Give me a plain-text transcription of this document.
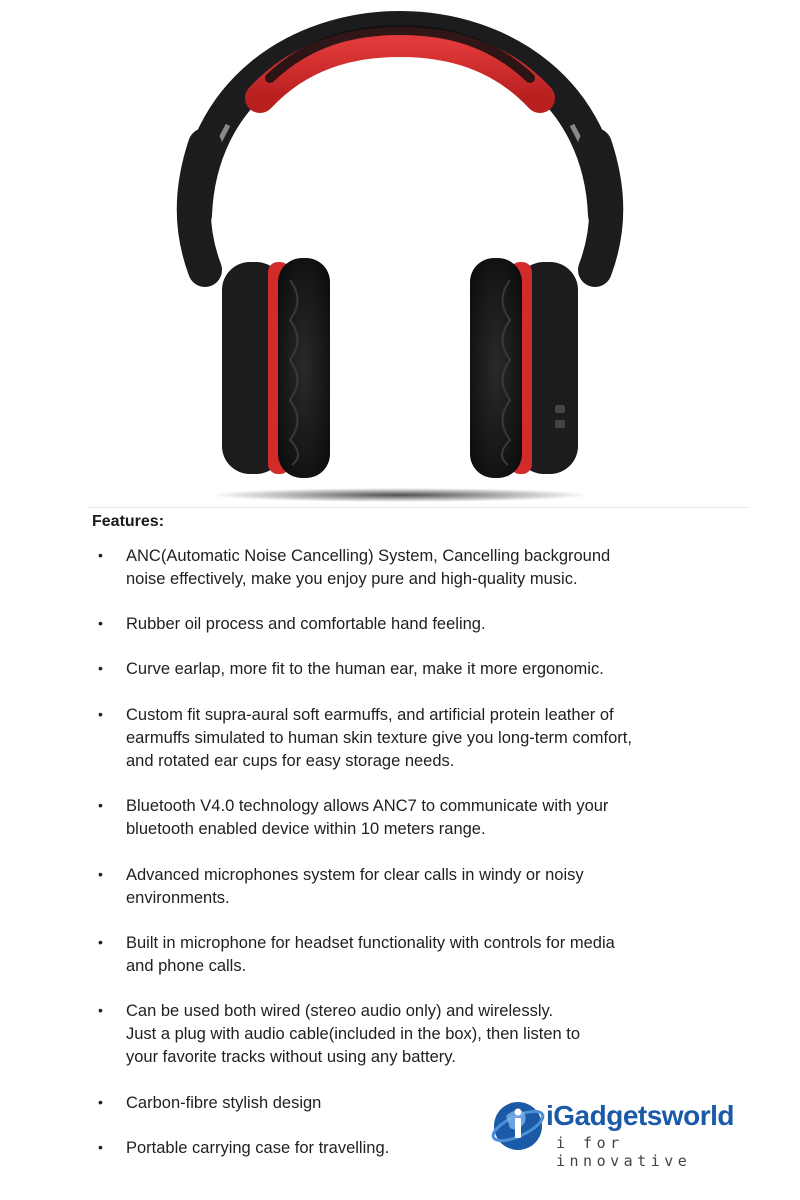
Features:
• ANC(Automatic Noise Cancelling) System, Cancelling background
noise effectively, make you enjoy pure and high-quality music.
• Rubber oil process and comfortable hand feeling.
• Curve earlap, more fit to the human ear, make it more ergonomic.
• Custom fit supra-aural soft earmuffs, and artificial protein leather of
earmuffs simulated to human skin texture give you long-term comfort,
and rotated ear cups for easy storage needs.
• Bluetooth V4.0 technology allows ANC7 to communicate with your
bluetooth enabled device within 10 meters range.
• Advanced microphones system for clear calls in windy or noisy
environments.
• Built in microphone for headset functionality with controls for media
and phone calls.
• Can be used both wired (stereo audio only) and wirelessly.
Just a plug with audio cable(included in the box), then listen to
your favorite tracks without using any battery.
• Carbon-fibre stylish design
• Portable carrying case for travelling.
iGadgetsworld
i for innovative
